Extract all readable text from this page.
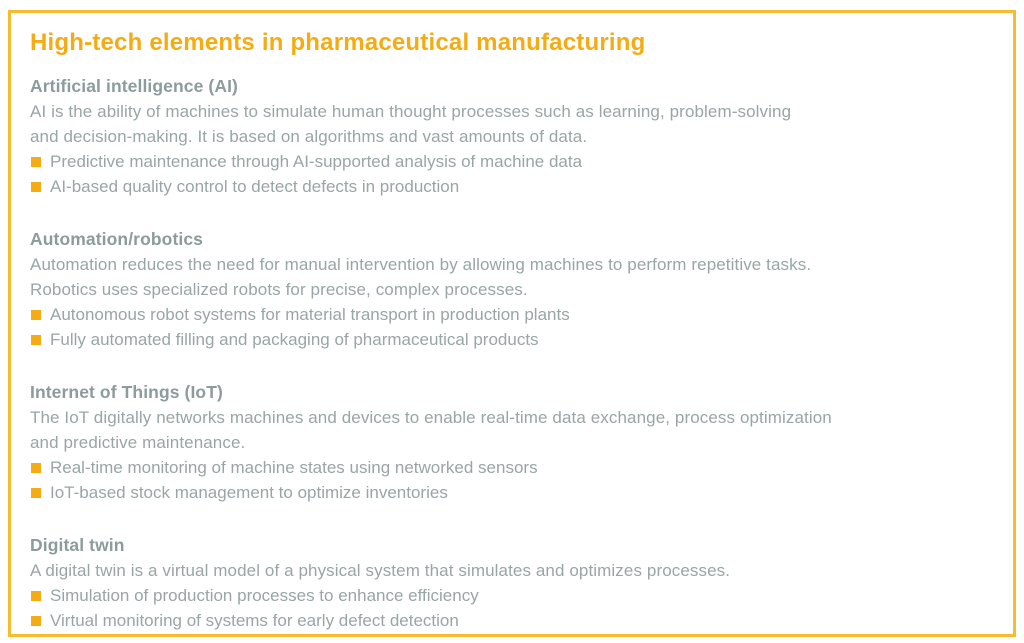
High-tech elements in pharmaceutical manufacturing
Artificial intelligence (AI)
AI is the ability of machines to simulate human thought processes such as learning, problem-solving
and decision-making. It is based on algorithms and vast amounts of data.
Predictive maintenance through AI-supported analysis of machine data
AI-based quality control to detect defects in production
Automation/robotics
Automation reduces the need for manual intervention by allowing machines to perform repetitive tasks.
Robotics uses specialized robots for precise, complex processes.
Autonomous robot systems for material transport in production plants
Fully automated filling and packaging of pharmaceutical products
Internet of Things (IoT)
The IoT digitally networks machines and devices to enable real-time data exchange, process optimization
and predictive maintenance.
Real-time monitoring of machine states using networked sensors
IoT-based stock management to optimize inventories
Digital twin
A digital twin is a virtual model of a physical system that simulates and optimizes processes.
Simulation of production processes to enhance efficiency
Virtual monitoring of systems for early defect detection
